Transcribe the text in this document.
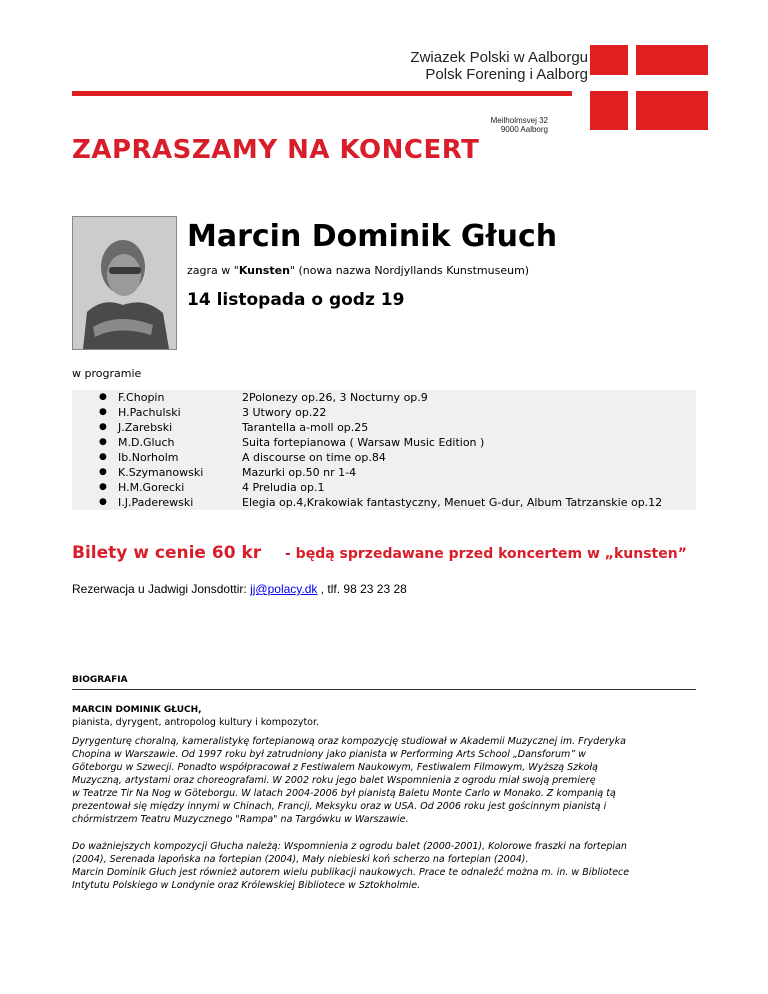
Zwiazek Polski w Aalborgu
Polsk Forening i Aalborg
Meilholmsvej 32
9000 Aalborg
ZAPRASZAMY NA KONCERT
Marcin Dominik Głuch
zagra w "Kunsten" (nowa nazwa Nordjyllands Kunstmuseum)
14 listopada o godz 19
w programie
● F.Chopin	2Polonezy op.26, 3 Nocturny op.9
● H.Pachulski	3 Utwory op.22
● J.Zarebski	Tarantella a-moll op.25
● M.D.Gluch	Suita fortepianowa ( Warsaw Music Edition )
● Ib.Norholm	A discourse on time op.84
● K.Szymanowski	Mazurki op.50 nr 1-4
● H.M.Gorecki	4 Preludia op.1
● I.J.Paderewski	Elegia op.4,Krakowiak fantastyczny, Menuet G-dur, Album Tatrzanskie op.12
Bilety w cenie 60 kr - będą sprzedawane przed koncertem w „kunsten”
Rezerwacja u Jadwigi Jonsdottir: jj@polacy.dk , tlf. 98 23 23 28
BIOGRAFIA
MARCIN DOMINIK GŁUCH,
pianista, dyrygent, antropolog kultury i kompozytor.
Dyrygenturę choralną, kameralistykę fortepianową oraz kompozycję studiował w Akademii Muzycznej im. Fryderyka
Chopina w Warszawie. Od 1997 roku był zatrudniony jako pianista w Performing Arts School „Dansforum” w
Göteborgu w Szwecji. Ponadto współpracował z Festiwalem Naukowym, Festiwalem Filmowym, Wyższą Szkołą
Muzyczną, artystami oraz choreografami. W 2002 roku jego balet Wspomnienia z ogrodu miał swoją premierę
w Teatrze Tir Na Nog w Göteborgu. W latach 2004-2006 był pianistą Baletu Monte Carlo w Monako. Z kompanią tą
prezentował się między innymi w Chinach, Francji, Meksyku oraz w USA. Od 2006 roku jest gościnnym pianistą i
chórmistrzem Teatru Muzycznego "Rampa" na Targówku w Warszawie.
Do ważniejszych kompozycji Głucha należą: Wspomnienia z ogrodu balet (2000-2001), Kolorowe fraszki na fortepian
(2004), Serenada lapońska na fortepian (2004), Mały niebieski koń scherzo na fortepian (2004).
Marcin Dominik Głuch jest również autorem wielu publikacji naukowych. Prace te odnaleźć można m. in. w Bibliotece
Intytutu Polskiego w Londynie oraz Królewskiej Bibliotece w Sztokholmie.
